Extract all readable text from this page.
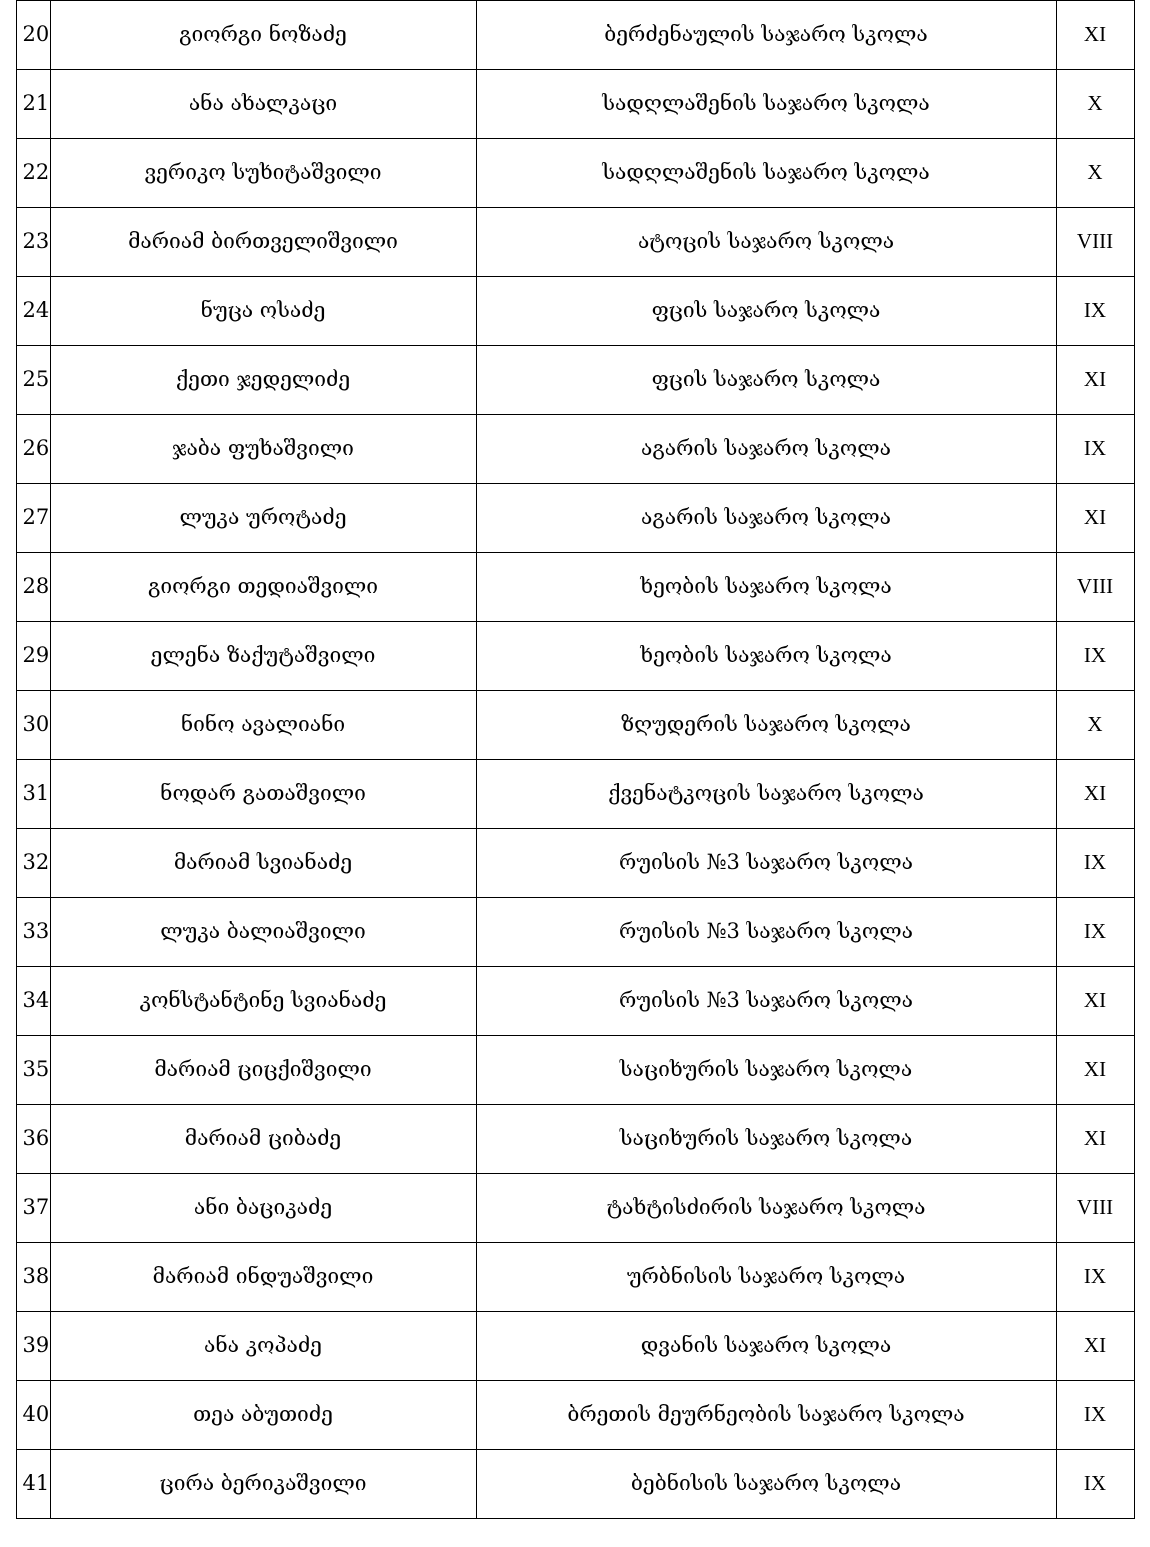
20	გიორგი ნოზაძე	ბერძენაულის საჯარო სკოლა	XI
21	ანა ახალკაცი	სადღლაშენის საჯარო სკოლა	X
22	ვერიკო სუხიტაშვილი	სადღლაშენის საჯარო სკოლა	X
23	მარიამ ბირთველიშვილი	ატოცის საჯარო სკოლა	VIII
24	ნუცა ოსაძე	ფცის საჯარო სკოლა	IX
25	ქეთი ჯედელიძე	ფცის საჯარო სკოლა	XI
26	ჯაბა ფუხაშვილი	აგარის საჯარო სკოლა	IX
27	ლუკა უროტაძე	აგარის საჯარო სკოლა	XI
28	გიორგი თედიაშვილი	ხეობის საჯარო სკოლა	VIII
29	ელენა ზაქუტაშვილი	ხეობის საჯარო სკოლა	IX
30	ნინო ავალიანი	ზღუდერის საჯარო სკოლა	X
31	ნოდარ გათაშვილი	ქვენატკოცის საჯარო სკოლა	XI
32	მარიამ სვიანაძე	რუისის №3 საჯარო სკოლა	IX
33	ლუკა ბალიაშვილი	რუისის №3 საჯარო სკოლა	IX
34	კონსტანტინე სვიანაძე	რუისის №3 საჯარო სკოლა	XI
35	მარიამ ციცქიშვილი	საციხურის საჯარო სკოლა	XI
36	მარიამ ციბაძე	საციხურის საჯარო სკოლა	XI
37	ანი ბაციკაძე	ტახტისძირის საჯარო სკოლა	VIII
38	მარიამ ინდუაშვილი	ურბნისის საჯარო სკოლა	IX
39	ანა კოპაძე	დვანის საჯარო სკოლა	XI
40	თეა აბუთიძე	ბრეთის მეურნეობის საჯარო სკოლა	IX
41	ცირა ბერიკაშვილი	ბებნისის საჯარო სკოლა	IX
